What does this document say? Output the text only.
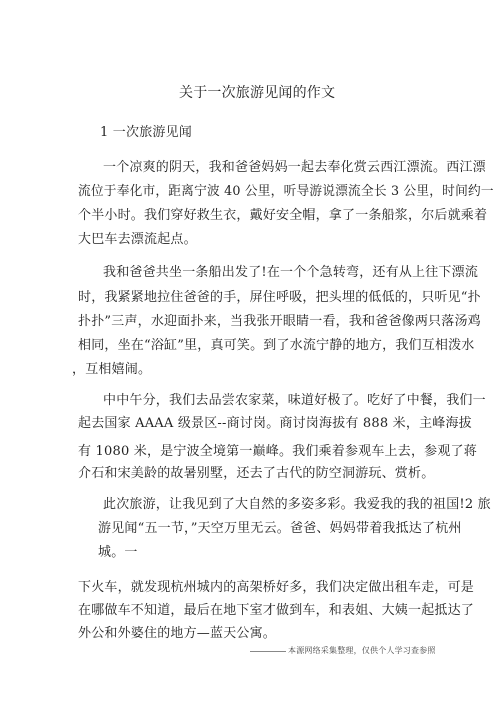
关于一次旅游见闻的作文
1 一次旅游见闻
一个凉爽的阴天，我和爸爸妈妈一起去奉化赏云西江漂流。西江漂
流位于奉化市，距离宁波 40 公里，听导游说漂流全长 3 公里，时间约一
个半小时。我们穿好救生衣，戴好安全帽，拿了一条船浆，尔后就乘着
大巴车去漂流起点。
我和爸爸共坐一条船出发了!在一个个急转弯，还有从上往下漂流
时，我紧紧地拉住爸爸的手，屏住呼吸，把头埋的低低的，只听见“扑
扑扑”三声，水迎面扑来，当我张开眼睛一看，我和爸爸像两只落汤鸡
相同，坐在“浴缸”里，真可笑。到了水流宁静的地方，我们互相泼水
，互相嬉闹。
中中午分，我们去品尝农家菜，味道好极了。吃好了中餐，我们一
起去国家 AAAA 级景区--商讨岗。商讨岗海拔有 888 米，主峰海拔
有 1080 米，是宁波全境第一巅峰。我们乘着参观车上去，参观了蒋
介石和宋美龄的故暑别墅，还去了古代的防空洞游玩、赏析。
此次旅游，让我见到了大自然的多姿多彩。我爱我的我的祖国!2 旅
游见闻“五一节，”天空万里无云。爸爸、妈妈带着我抵达了杭州
城。一
下火车，就发现杭州城内的高架桥好多，我们决定做出租车走，可是
在哪做车不知道，最后在地下室才做到车，和表姐、大姨一起抵达了
外公和外婆住的地方—蓝天公寓。
本源网络采集整理，仅供个人学习查参照
